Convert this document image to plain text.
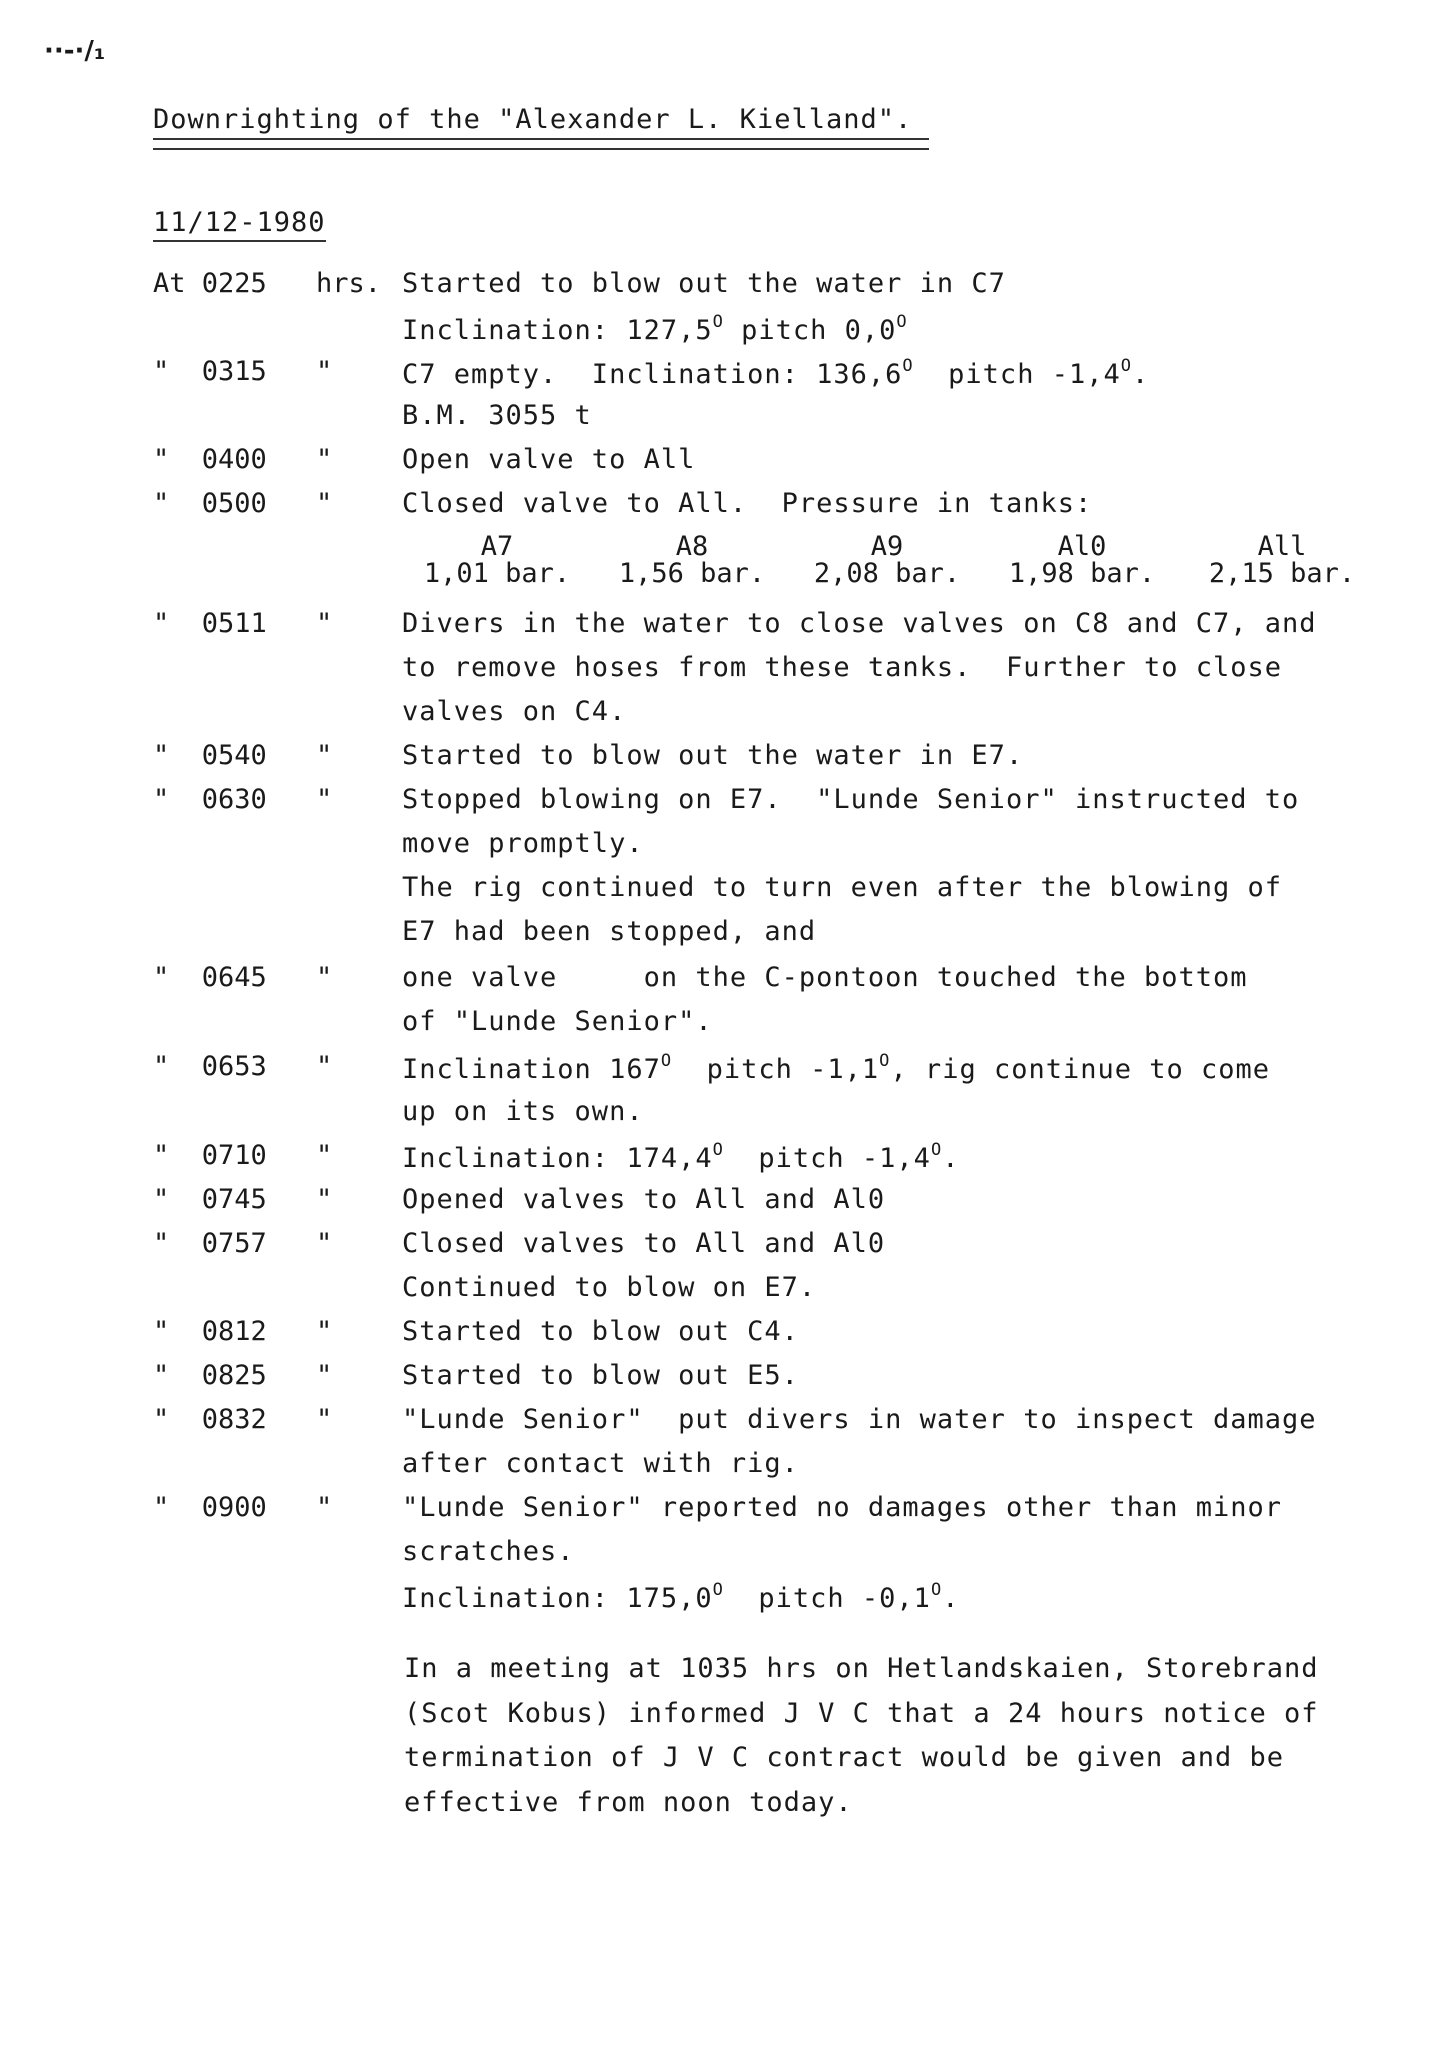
··-·/₁
Downrighting of the "Alexander L. Kielland".
11/12-1980
At 0225 hrs. Started to blow out the water in C7
Inclination: $127,5^O$ pitch $0,0^O$
"  0315 "	C7 empty.  Inclination: $136,6^O$  pitch $-1,4^O$.
B.M. 3055 t
"  0400 "	Open valve to All
"  0500 "	Closed valve to All.  Pressure in tanks:
"  0511 "	Divers in the water to close valves on C8 and C7, and
to remove hoses from these tanks.  Further to close
valves on C4.
"  0540 "	Started to blow out the water in E7.
"  0630 "	Stopped blowing on E7.  "Lunde Senior" instructed to
move promptly.
The rig continued to turn even after the blowing of
E7 had been stopped, and
"  0645 "	one valve     on the C-pontoon touched the bottom
of "Lunde Senior".
"  0653 "	Inclination $167^O$  pitch $-1,1^O$, rig continue to come
up on its own.
"  0710 "	Inclination: $174,4^O$  pitch $-1,4^O$.
"  0745 "	Opened valves to All and Al0
"  0757 "	Closed valves to All and Al0
Continued to blow on E7.
"  0812 "	Started to blow out C4.
"  0825 "	Started to blow out E5.
"  0832 "	"Lunde Senior"  put divers in water to inspect damage
after contact with rig.
"  0900 "	"Lunde Senior" reported no damages other than minor
scratches.
Inclination: $175,0^O$  pitch $-0,1^O$.
A7	A8	A9	Al0	All
1,01 bar.	1,56 bar.	2,08 bar.	1,98 bar.	2,15 bar.
In a meeting at 1035 hrs on Hetlandskaien, Storebrand
(Scot Kobus) informed J V C that a 24 hours notice of
termination of J V C contract would be given and be
effective from noon today.
